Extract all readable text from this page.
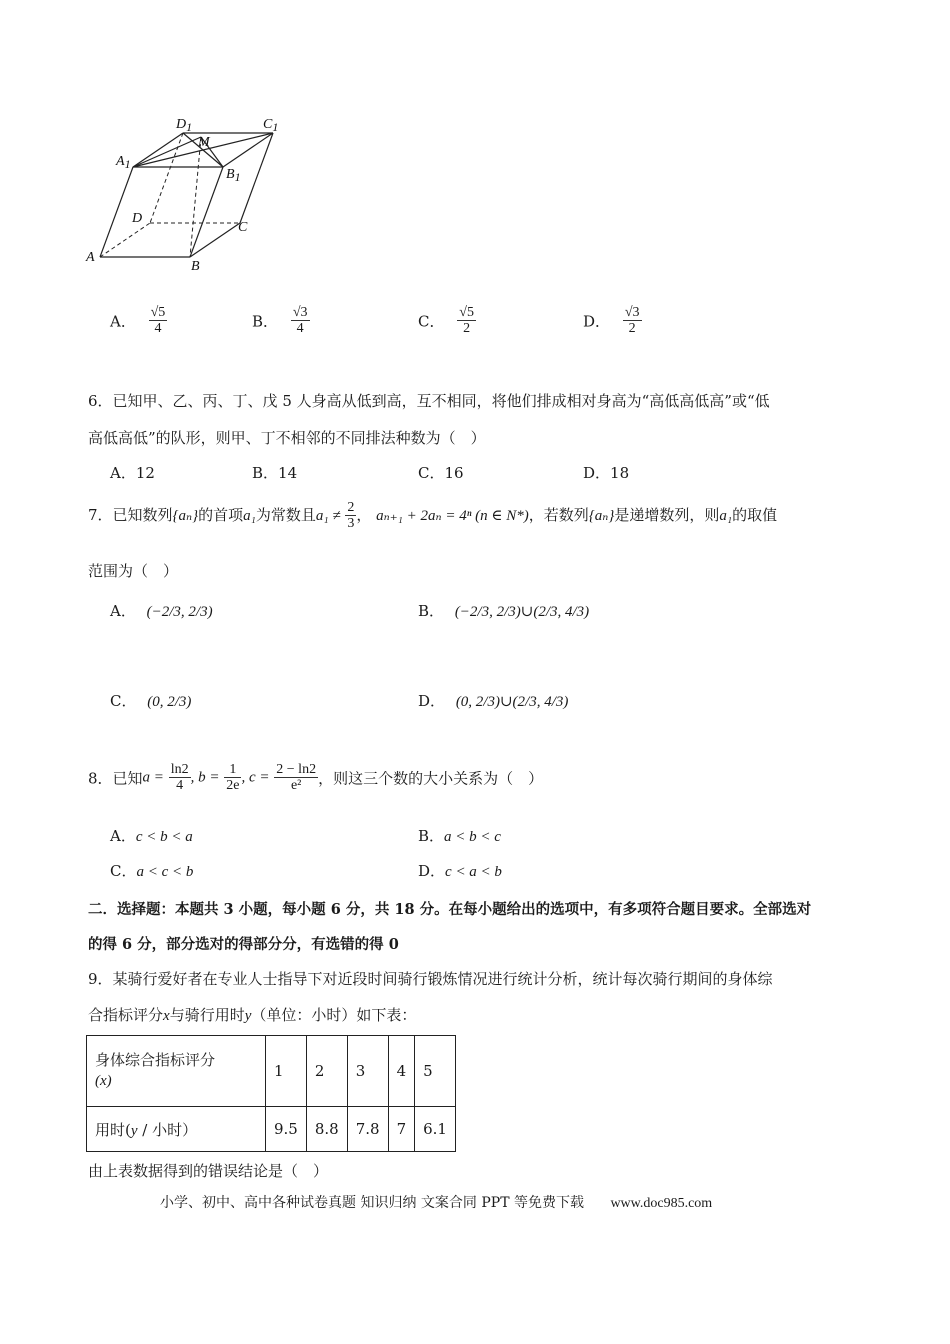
D1	C1
M
A1
B1
D
C
A
B
A． $\frac{√5}{4}$	B． $\frac{√3}{4}$	C． $\frac{√5}{2}$	D． $\frac{√3}{2}$
6．已知甲、乙、丙、丁、戊 5 人身高从低到高，互不相同，将他们排成相对身高为“高低高低高”或“低
高低高低”的队形，则甲、丁不相邻的不同排法种数为（　）
A．12	B．14	C．16	D．18
7．已知数列{aₙ}的首项a₁为常数且$a_1 \ne \frac{2}{3}$ ， aₙ₊₁ + 2aₙ = 4ⁿ (n ∈ N*)，若数列{aₙ}是递增数列，则a₁的取值
范围为（　）
A． (−2/3, 2/3)	B． (−2/3, 2/3)∪(2/3, 4/3)
C． (0, 2/3)	D． (0, 2/3)∪(2/3, 4/3)
8．已知$a = \frac{\ln 2}{4}$ , $b = \frac{1}{2e}$ , $c = \frac{2 - \ln 2}{\text{e²}}$ ，则这三个数的大小关系为（　）
A．c < b < a	B．a < b < c
C．a < c < b	D．c < a < b
二．选择题：本题共 3 小题，每小题 6 分，共 18 分。在每小题给出的选项中，有多项符合题目要求。全部选对
的得 6 分，部分选对的得部分分，有选错的得 0
9．某骑行爱好者在专业人士指导下对近段时间骑行锻炼情况进行统计分析，统计每次骑行期间的身体综
合指标评分x与骑行用时y（单位：小时）如下表：
身体综合指标评分
(x)	1	2	3	4	5
用时(y / 小时）	9.5	8.8	7.8	7	6.1
由上表数据得到的错误结论是（　）
小学、初中、高中各种试卷真题 知识归纳 文案合同 PPT 等免费下载 www.doc985.com
